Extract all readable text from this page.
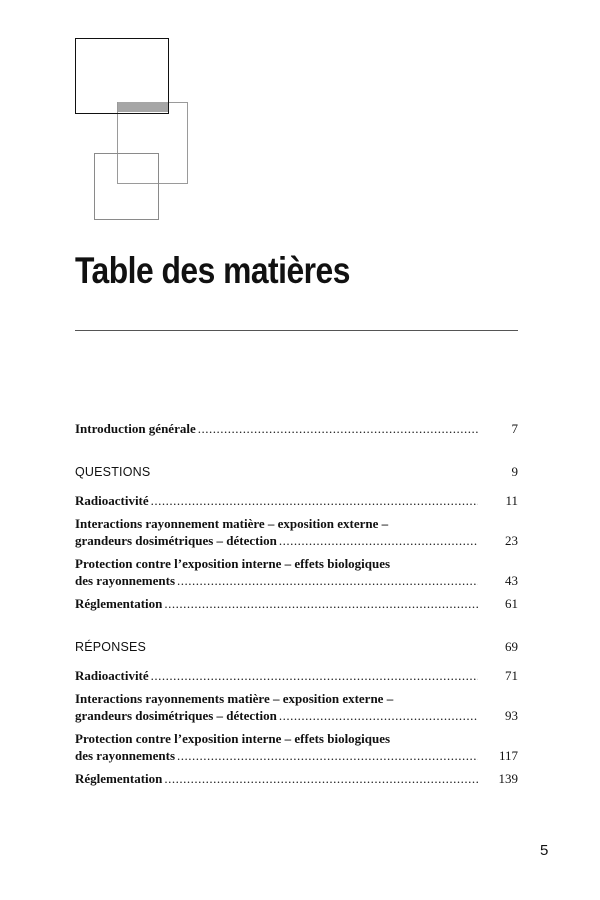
Table des matières
Introduction générale .....	7
QUESTIONS	9
Radioactivité .....	11
Interactions rayonnement matière – exposition externe –
grandeurs dosimétriques – détection .....	23
Protection contre l’exposition interne – effets biologiques
des rayonnements .....	43
Réglementation .....	61
RÉPONSES	69
Radioactivité .....	71
Interactions rayonnements matière – exposition externe –
grandeurs dosimétriques – détection .....	93
Protection contre l’exposition interne – effets biologiques
des rayonnements .....	117
Réglementation .....	139
5
